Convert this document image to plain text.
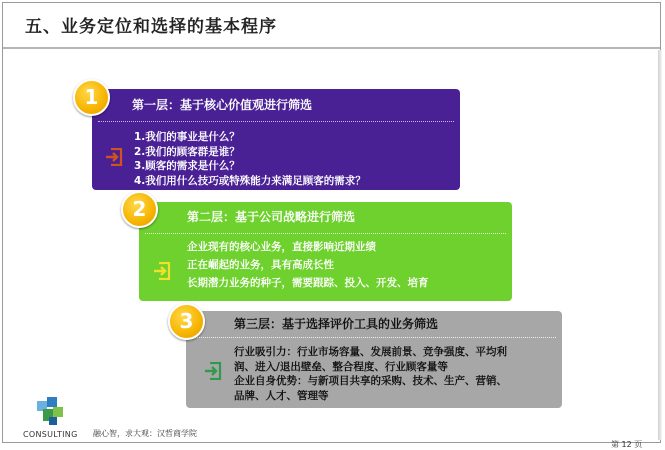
五、业务定位和选择的基本程序
第一层：基于核心价值观进行筛选
1.我们的事业是什么？
2.我们的顾客群是谁？
3.顾客的需求是什么？
4.我们用什么技巧或特殊能力来满足顾客的需求？
1
第二层：基于公司战略进行筛选
企业现有的核心业务，直接影响近期业绩
正在崛起的业务，具有高成长性
长期潜力业务的种子，需要跟踪、投入、开发、培育
2
第三层：基于选择评价工具的业务筛选
行业吸引力：行业市场容量、发展前景、竞争强度、平均利
润、进入/退出壁垒、整合程度、行业顾客量等
企业自身优势：与新项目共享的采购、技术、生产、营销、
品牌、人才、管理等
3
CONSULTING 融心智，求大观：汉哲商学院
第 12 页
